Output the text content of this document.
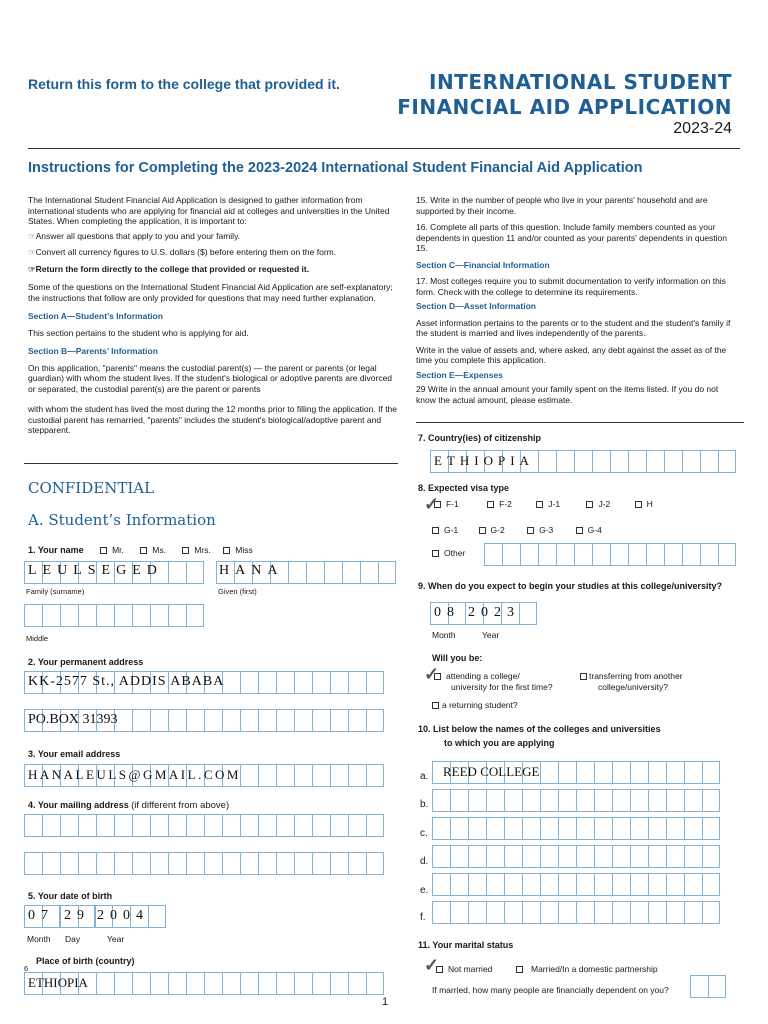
Return this form to the college that provided it.	INTERNATIONAL STUDENT
FINANCIAL AID APPLICATION
2023-24
Instructions for Completing the 2023-2024 International Student Financial Aid Application
The International Student Financial Aid Application is designed to gather information from international students who are applying for financial aid at colleges and universities in the United States. When completing the application, it is important to:
☞Answer all questions that apply to you and your family.
☞Convert all currency figures to U.S. dollars ($) before entering them on the form.
☞Return the form directly to the college that provided or requested it.
Some of the questions on the International Student Financial Aid Application are self-explanatory; the instructions that follow are only provided for questions that may need further explanation.
Section A—Student’s Information
This section pertains to the student who is applying for aid.
Section B—Parents’ Information
On this application, "parents" means the custodial parent(s) — the parent or parents (or legal guardian) with whom the student lives. If the student's biological or adoptive parents are divorced or separated, the custodial parent(s) are the parent or parents
with whom the student has lived the most during the 12 months prior to filling the application. If the custodial parent has remarried, "parents" includes the student's biological/adoptive parent and stepparent.
15. Write in the number of people who live in your parents' household and are supported by their income.
16. Complete all parts of this question. Include family members counted as your dependents in question 11 and/or counted as your parents' dependents in question 15.
Section C—Financial Information
17. Most colleges require you to submit documentation to verify information on this form. Check with the college to determine its requirements.
Section D—Asset Information
Asset information pertains to the parents or to the student and the student's family if the student is married and lives independently of the parents.
Write in the value of assets and, where asked, any debt against the asset as of the time you complete this application.
Section E—Expenses
29 Write in the annual amount your family spent on the items listed. If you do not know the actual amount, please estimate.
CONFIDENTIAL
A. Student’s Information
1. Your name	Mr.	Ms.	Mrs.	Miss
LEULSEGED	HANA
Family (surname)	Given (first)
Middle
2. Your permanent address
KK-2577 St., ADDIS ABABA
PO.BOX 31393
3. Your email address
HANALEULS@GMAIL.COM
4. Your mailing address (if different from above)
5. Your date of birth
07 29 2004
Month Day	Year
6
Place of birth (country)
ETHIOPIA
1
7. Country(ies) of citizenship
ETHIOPIA
8. Expected visa type
✓ F-1	F-2	J-1	J-2	H
G-1	G-2	G-3	G-4
Other
9. When do you expect to begin your studies at this college/university?
08 2023
Month	Year
Will you be:
✓ attending a college/
university for the first time?
transferring from another
college/university?
a returning student?
10. List below the names of the colleges and universities
to which you are applying
a. REED COLLEGE
b.
c.
d.
e.
f.
11. Your marital status
✓	Not married	Married/In a domestic partnership
If married, how many people are financially dependent on you?
